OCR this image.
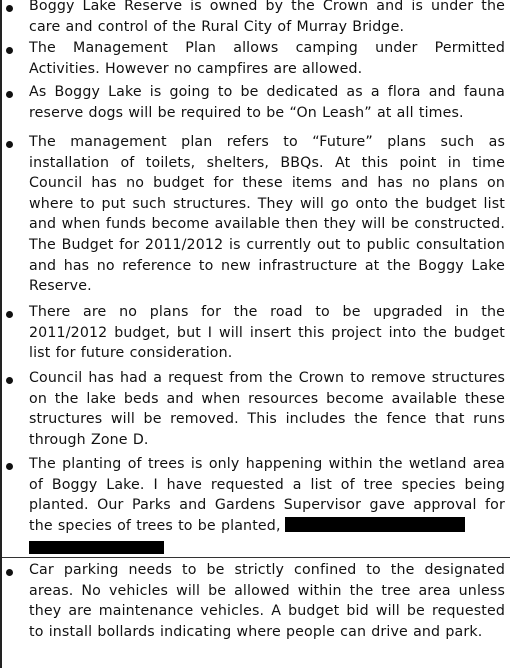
Boggy Lake Reserve is owned by the Crown and is under the care and control of the Rural City of Murray Bridge.
The Management Plan allows camping under Permitted Activities. However no campfires are allowed.
As Boggy Lake is going to be dedicated as a flora and fauna reserve dogs will be required to be “On Leash” at all times.
The management plan refers to “Future” plans such as installation of toilets, shelters, BBQs. At this point in time Council has no budget for these items and has no plans on where to put such structures. They will go onto the budget list and when funds become available then they will be constructed. The Budget for 2011/2012 is currently out to public consultation and has no reference to new infrastructure at the Boggy Lake Reserve.
There are no plans for the road to be upgraded in the 2011/2012 budget, but I will insert this project into the budget list for future consideration.
Council has had a request from the Crown to remove structures on the lake beds and when resources become available these structures will be removed. This includes the fence that runs through Zone D.
The planting of trees is only happening within the wetland area of Boggy Lake. I have requested a list of tree species being planted. Our Parks and Gardens Supervisor gave approval for the species of trees to be planted,
Car parking needs to be strictly confined to the designated areas. No vehicles will be allowed within the tree area unless they are maintenance vehicles. A budget bid will be requested to install bollards indicating where people can drive and park.
